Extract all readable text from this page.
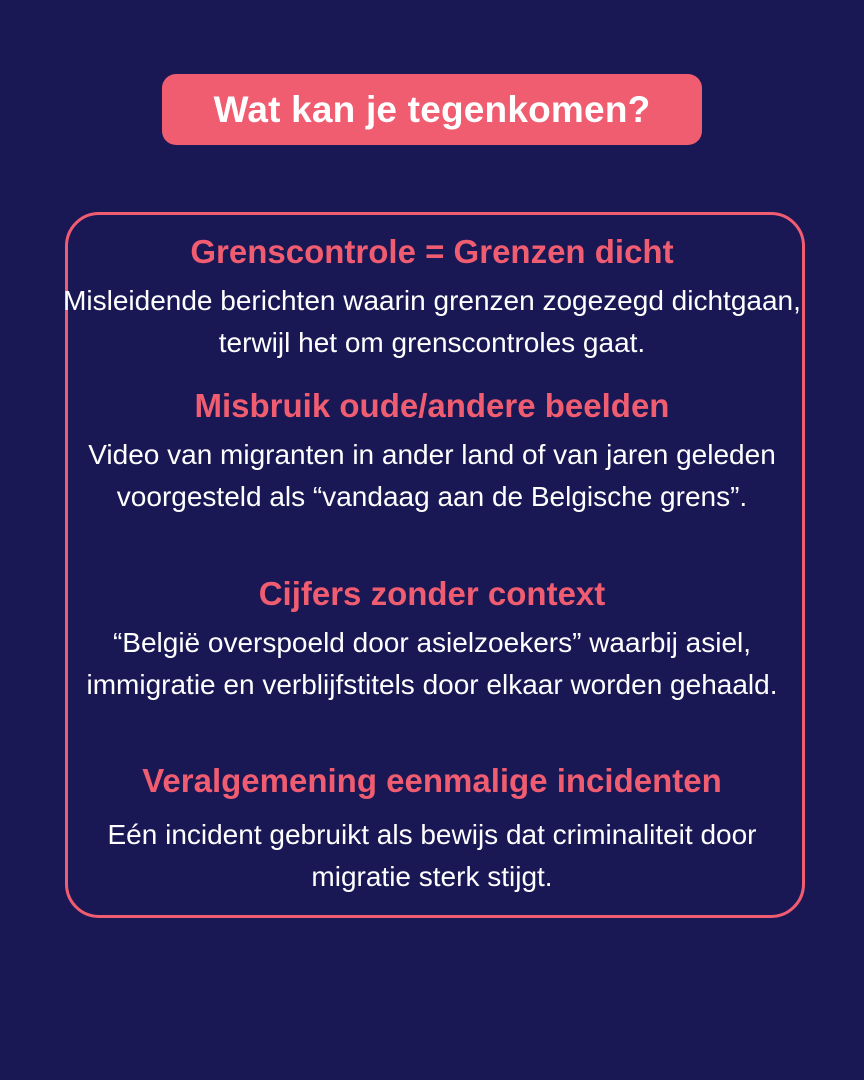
Wat kan je tegenkomen?
Grenscontrole = Grenzen dicht
Misleidende berichten waarin grenzen zogezegd dichtgaan, terwijl het om grenscontroles gaat.
Misbruik oude/andere beelden
Video van migranten in ander land of van jaren geleden voorgesteld als “vandaag aan de Belgische grens”.
Cijfers zonder context
“België overspoeld door asielzoekers” waarbij asiel, immigratie en verblijfstitels door elkaar worden gehaald.
Veralgemening eenmalige incidenten
Eén incident gebruikt als bewijs dat criminaliteit door migratie sterk stijgt.
